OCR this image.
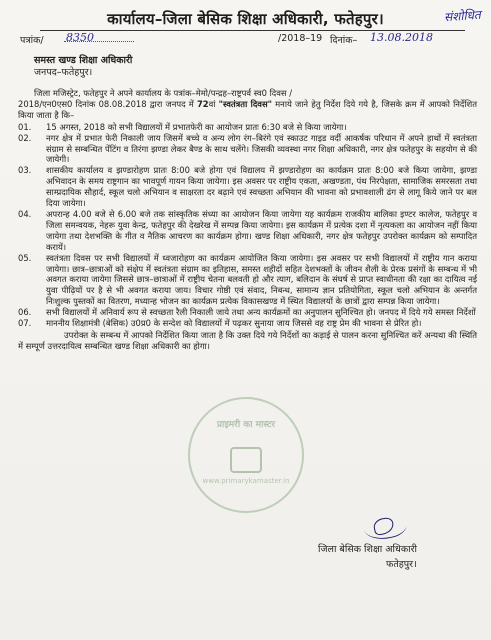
संशोधित
कार्यालय–जिला बेसिक शिक्षा अधिकारी, फतेहपुर।
पत्रांक/ 8350	/2018–19 दिनांक– 13.08.2018
समस्त खण्ड शिक्षा अधिकारी
जनपद–फतेहपुर।

जिला मजिस्ट्रेट, फतेहपुर ने अपने कार्यालय के पत्रांक–मेमो/पन्द्रह–राष्ट्रपर्व स्व0 दिवस /
2018/एन0एस0 दिनांक 08.08.2018 द्वारा जनपद में 72वां "स्वतंत्रता दिवस" मनाये जाने हेतु निर्देश दिये गये है, जिसके क्रम में आपको निर्देशित किया जाता है कि–

01.	15 अगस्त, 2018 को सभी विद्यालयों में प्रभातफेरी का आयोजन प्रातः 6:30 बजे से किया जायेगा।
02.	नगर क्षेत्र में प्रभात फेरी निकाली जाय जिसमें बच्चे व अन्य लोग रंग–बिरंगे एवं स्काउट गाइड वर्दी आकर्षक परिधान में अपने हाथों में स्वतंत्रता संग्राम से सम्बन्धित पेंटिंग व तिरंगा झण्डा लेकर बैण्ड के साथ चलेंगे। जिसकी व्यवस्था नगर शिक्षा अधिकारी, नगर क्षेत्र फतेहपुर के सहयोग से की जायेगी।
03.	शासकीय कार्यालय व झण्डारोहण प्रातः 8:00 बजे होगा एवं विद्यालय में झण्डारोहण का कार्यक्रम प्रातः 8:00 बजे किया जायेगा, झण्डा अभिवादन के समय राष्ट्रगान का भावपूर्ण गायन किया जायेगा। इस अवसर पर राष्ट्रीय एकता, अखण्डता, पंथ निरपेक्षता, सामाजिक समरसता तथा साम्प्रदायिक सौहार्द, स्कूल चलो अभियान व साक्षरता दर बढ़ाने एवं स्वच्छता अभियान की भावना को प्रभावशाली ढंग से लागू किये जाने पर बल दिया जायेगा।
04.	अपरान्ह 4.00 बजे से 6.00 बजे तक सांस्कृतिक संध्या का आयोजन किया जायेगा यह कार्यक्रम राजकीय बालिका इण्टर कालेज, फतेहपुर व जिला समन्वयक, नेहरू युवा केन्द्र, फतेहपुर की देखरेख में सम्पन्न किया जायेगा। इस कार्यक्रम में प्रत्येक दशा में नृत्यकला का आयोजन नहीं किया जायेगा तथा देशभक्ति के गीत व नैतिक आचरण का कार्यक्रम होगा। खण्ड शिक्षा अधिकारी, नगर क्षेत्र फतेहपुर उपरोक्त कार्यक्रम को सम्पादित करायें।
05.	स्वतंत्रता दिवस पर सभी विद्यालयों में ध्वजारोहण का कार्यक्रम आयोजित किया जायेगा। इस अवसर पर सभी विद्यालयों में राष्ट्रीय गान कराया जायेगा। छात्र–छात्राओं को संक्षेप में स्वतंत्रता संग्राम का इतिहास, समस्त शहीदों सहित देशभक्तों के जीवन शैली के प्रेरक प्रसंगों के सम्बन्ध में भी अवगत कराया जायेगा जिससे छात्र–छात्राओं में राष्ट्रीय चेतना बलवती हो और त्याग, बलिदान के संघर्ष से प्राप्त स्वाधीनता की रक्षा का दायित्व नई युवा पीढ़ियों पर है से भी अवगत कराया जाय। विचार गोष्ठी एवं संवाद, निबन्ध, सामान्य ज्ञान प्रतियोगिता, स्कूल चलो अभियान के अन्तर्गत निःशुल्क पुस्तकों का वितरण, मध्यान्ह भोजन का कार्यक्रम प्रत्येक विकासखण्ड में स्थित विद्यालयों के छात्रों द्वारा सम्पन्न किया जायेगा।
06.	सभी विद्यालयों में अनिवार्य रूप से स्वच्छता रैली निकाली जाये तथा अन्य कार्यक्रमों का अनुपालन सुनिश्चित हो। जनपद में दिये गये समस्त निर्देशों
07.	माननीय शिक्षामंत्री (बेसिक) उ0प्र0 के सन्देश को विद्यालयों में पढ़कर सुनाया जाय जिससे वह राष्ट्र प्रेम की भावना से प्रेरित हो।

उपरोक्त के सम्बन्ध में आपको निर्देशित किया जाता है कि उक्त दिये गये निर्देशों का कड़ाई से पालन करना सुनिश्चित करें अन्यथा की स्थिति में सम्पूर्ण उत्तरदायित्व सम्बन्धित खण्ड शिक्षा अधिकारी का होगा।

प्राइमरी का मास्टर
www.primarykamaster.in
जिला बेसिक शिक्षा अधिकारी
फतेहपुर।
